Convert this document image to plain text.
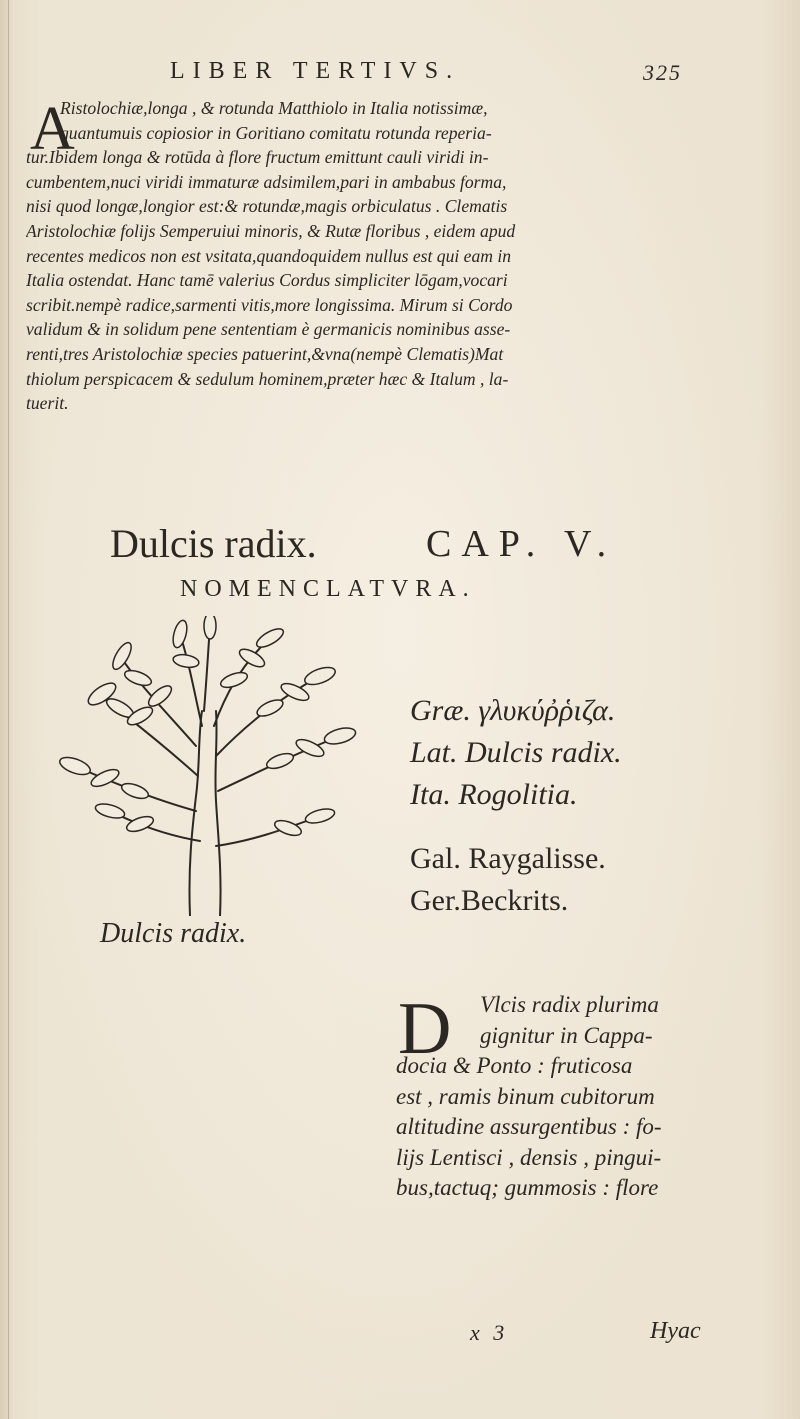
LIBER TERTIVS.	325
A
Ristolochiæ,longa , & rotunda Matthiolo in Italia notissimæ,
quantumuis copiosior in Goritiano comitatu rotunda reperia-
tur.Ibidem longa & rotūda à flore fructum emittunt cauli viridi in-
cumbentem,nuci viridi immaturæ adsimilem,pari in ambabus forma,
nisi quod longæ,longior est:& rotundæ,magis orbiculatus . Clematis
Aristolochiæ folijs Semperuiui minoris, & Rutæ floribus , eidem apud
recentes medicos non est vsitata,quandoquidem nullus est qui eam in
Italia ostendat. Hanc tamē valerius Cordus simpliciter lōgam,vocari
scribit.nempè radice,sarmenti vitis,more longissima. Mirum si Cordo
validum & in solidum pene sententiam è germanicis nominibus asse-
renti,tres Aristolochiæ species patuerint,&vna(nempè Clematis)Mat
thiolum perspicacem & sedulum hominem,præter hæc & Italum , la-
tuerit.
Dulcis radix.	CAP. V.
NOMENCLATVRA.
Græ. γλυκύῤῥιζα.
Lat. Dulcis radix.
Ita. Rogolitia.
Gal. Raygalisse.
Ger.Beckrits.
Dulcis radix.
D	Vlcis radix plurima
gignitur in Cappa-
docia & Ponto : fruticosa
est , ramis binum cubitorum
altitudine assurgentibus : fo-
lijs Lentisci , densis , pingui-
bus,tactuq; gummosis : flore
x 3	Hyac
